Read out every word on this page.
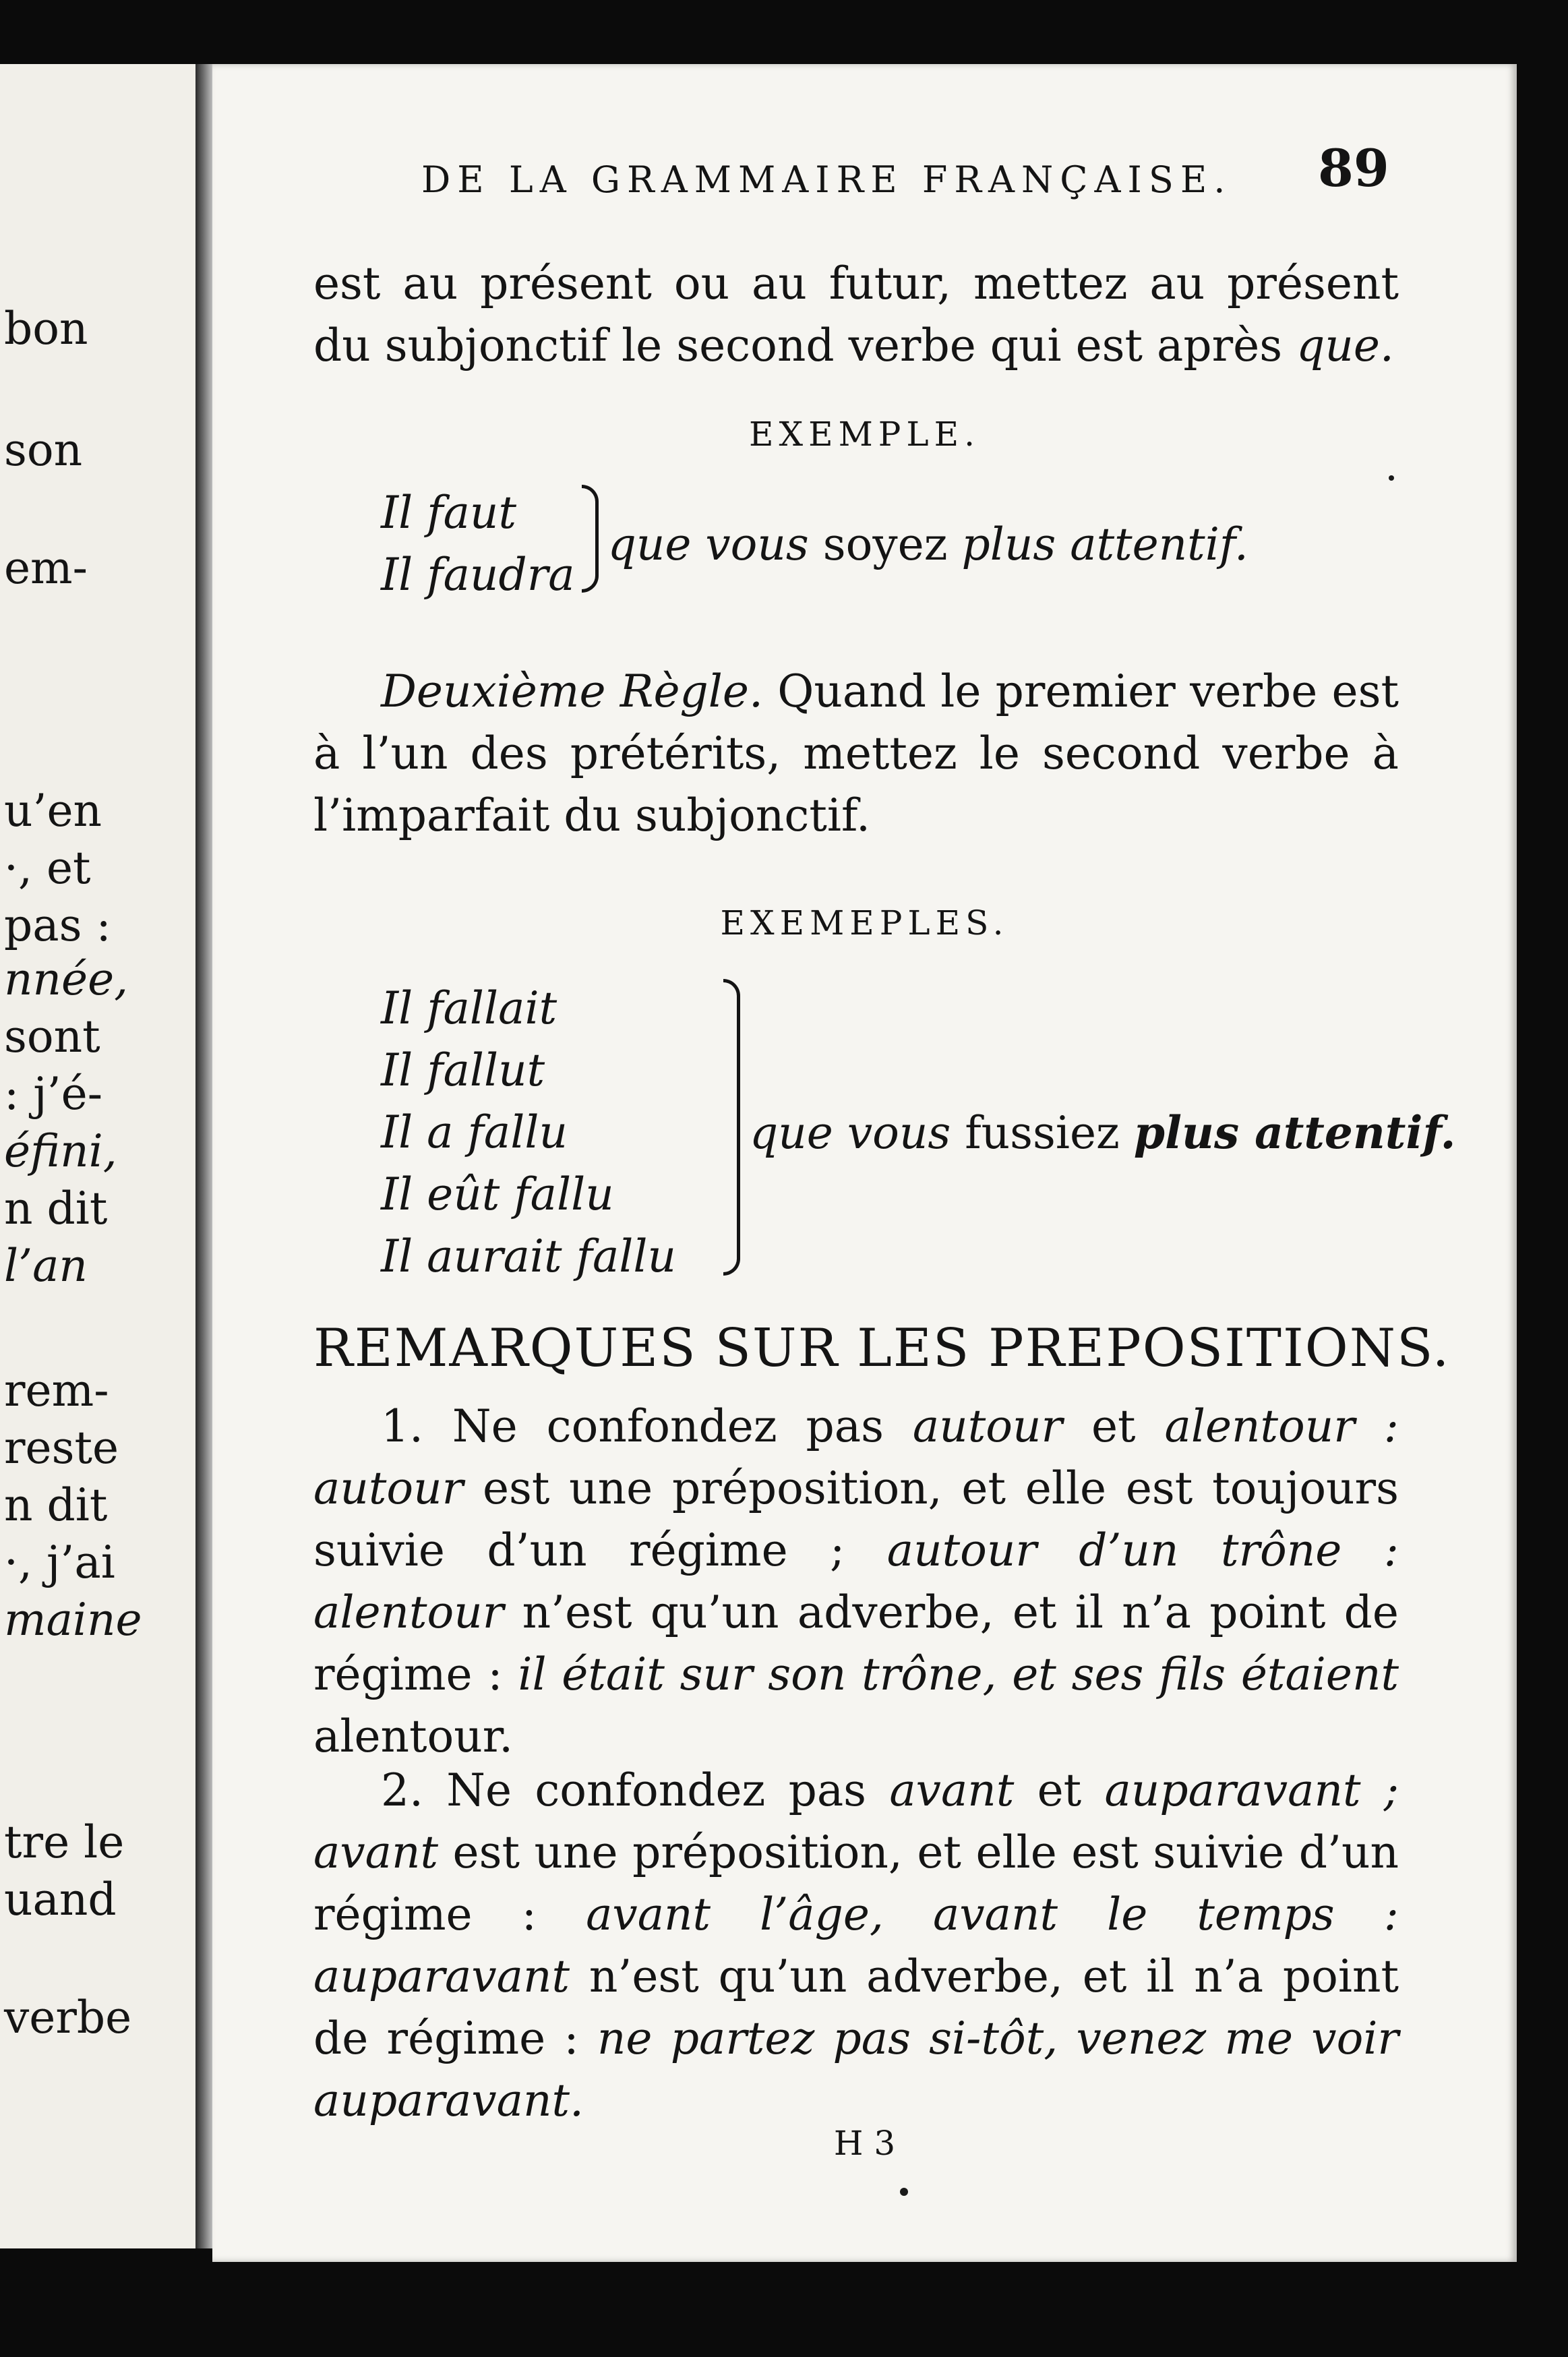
bon
son
em-
u’en
·, et
pas :
nnée,
sont
: j’é-
éfini,
n dit
l’an
rem-
reste
n dit
·, j’ai
maine
tre le
uand
verbe
DE LA GRAMMAIRE FRANÇAISE. 89
est au présent ou au futur, mettez au présent du subjonctif le second verbe qui est après que.
EXEMPLE.
Il faut
Il faudra
		que vous soyez plus attentif.
Deuxième Règle. Quand le premier verbe est à l’un des prétérits, mettez le second verbe à l’imparfait du subjonctif.
EXEMEPLES.
Il fallait
Il fallut
Il a fallu
Il eût fallu
Il aurait fallu
		que vous fussiez plus attentif.
REMARQUES SUR LES PREPOSITIONS.
1. Ne confondez pas autour et alentour : autour est une préposition, et elle est toujours suivie d’un régime ; autour d’un trône : alentour n’est qu’un adverbe, et il n’a point de régime : il était sur son trône, et ses fils étaient alentour.
2. Ne confondez pas avant et auparavant ; avant est une préposition, et elle est suivie d’un régime : avant l’âge, avant le temps : auparavant n’est qu’un adverbe, et il n’a point de régime : ne partez pas si-tôt, venez me voir auparavant.
H 3
